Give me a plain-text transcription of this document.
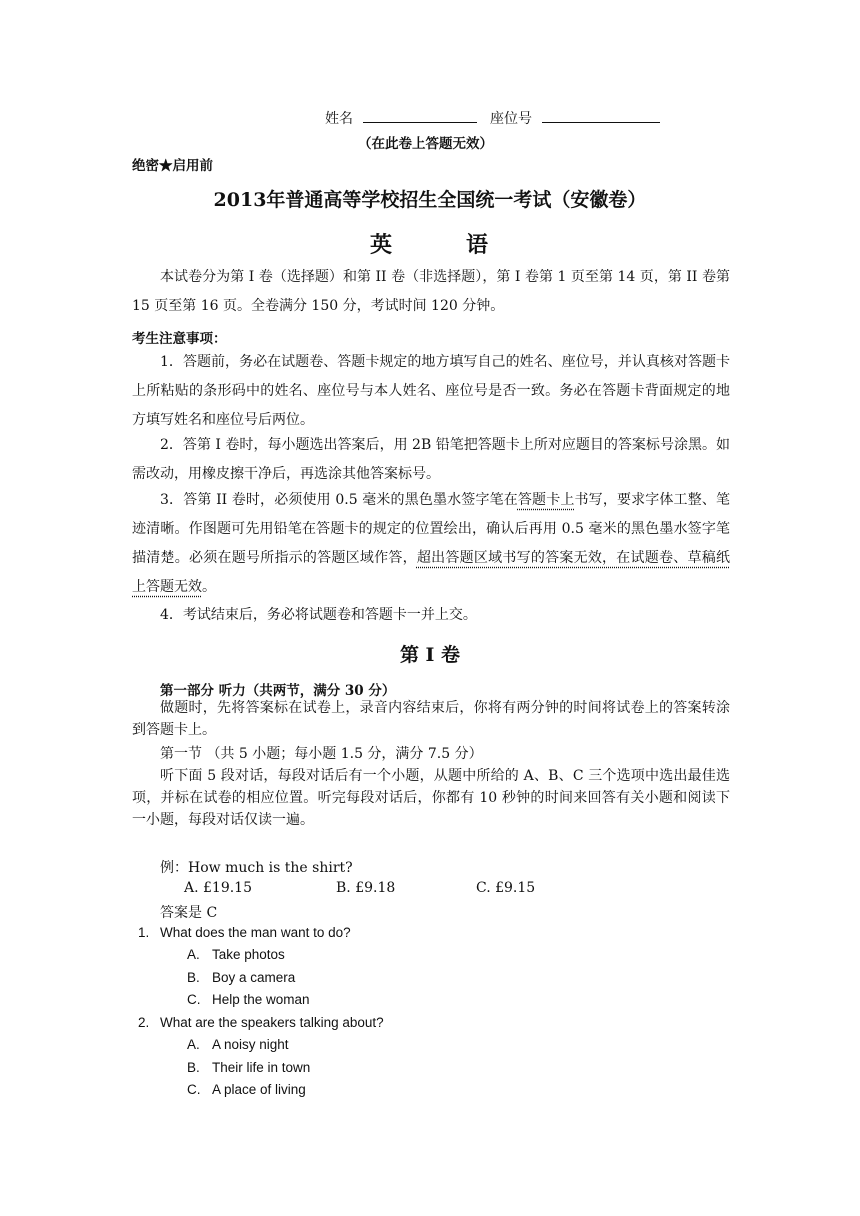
姓名	座位号
（在此卷上答题无效）
绝密★启用前
2013年普通高等学校招生全国统一考试（安徽卷）
英　　　语
本试卷分为第 I 卷（选择题）和第 II 卷（非选择题），第 I 卷第 1 页至第 14 页，第 II 卷第 15 页至第 16 页。全卷满分 150 分，考试时间 120 分钟。
考生注意事项：
1．答题前，务必在试题卷、答题卡规定的地方填写自己的姓名、座位号，并认真核对答题卡上所粘贴的条形码中的姓名、座位号与本人姓名、座位号是否一致。务必在答题卡背面规定的地方填写姓名和座位号后两位。
2．答第 I 卷时，每小题选出答案后，用 2B 铅笔把答题卡上所对应题目的答案标号涂黑。如需改动，用橡皮擦干净后，再选涂其他答案标号。
3．答第 II 卷时，必须使用 0.5 毫米的黑色墨水签字笔在答题卡上书写，要求字体工整、笔迹清晰。作图题可先用铅笔在答题卡的规定的位置绘出，确认后再用 0.5 毫米的黑色墨水签字笔描清楚。必须在题号所指示的答题区域作答，超出答题区域书写的答案无效，在试题卷、草稿纸上答题无效。
4．考试结束后，务必将试题卷和答题卡一并上交。
第 I 卷
第一部分 听力（共两节，满分 30 分）
做题时，先将答案标在试卷上，录音内容结束后，你将有两分钟的时间将试卷上的答案转涂到答题卡上。
第一节 （共 5 小题；每小题 1.5 分，满分 7.5 分）
听下面 5 段对话，每段对话后有一个小题，从题中所给的 A、B、C 三个选项中选出最佳选项，并标在试卷的相应位置。听完每段对话后，你都有 10 秒钟的时间来回答有关小题和阅读下一小题，每段对话仅读一遍。
例：How much is the shirt?
A. £19.15	B. £9.18	C. £9.15
答案是 C
1. What does the man want to do?
A. Take photos
B. Boy a camera
C. Help the woman
2. What are the speakers talking about?
A. A noisy night
B. Their life in town
C. A place of living
